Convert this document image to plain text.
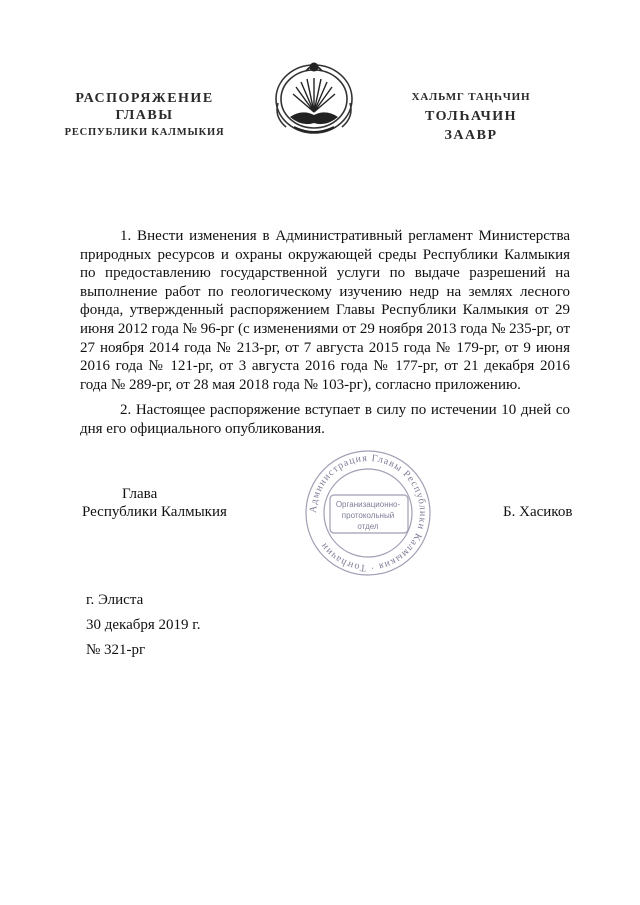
РАСПОРЯЖЕНИЕ
ГЛАВЫ
РЕСПУБЛИКИ КАЛМЫКИЯ
ХАЛЬМГ ТАҢҺЧИН
ТОЛҺАЧИН
ЗААВР
1. Внести изменения в Административный регламент Министерства природных ресурсов и охраны окружающей среды Республики Калмыкия по предоставлению государственной услуги по выдаче разрешений на выполнение работ по геологическому изучению недр на землях лесного фонда, утвержденный распоряжением Главы Республики Калмыкия от 29 июня 2012 года № 96-рг (с изменениями от 29 ноября 2013 года № 235-рг, от 27 ноября 2014 года № 213-рг, от 7 августа 2015 года № 179-рг, от 9 июня 2016 года № 121-рг, от 3 августа 2016 года № 177-рг, от 21 декабря 2016 года № 289-рг, от 28 мая 2018 года № 103-рг), согласно приложению.
2. Настоящее распоряжение вступает в силу по истечении 10 дней со дня его официального опубликования.
Администрация Главы Республики Калмыкия · Тоҥhачин
Организационно-
протокольный
отдел
Глава
Республики Калмыкия	Б. Хасиков
г. Элиста
30 декабря 2019 г.
№ 321-рг
